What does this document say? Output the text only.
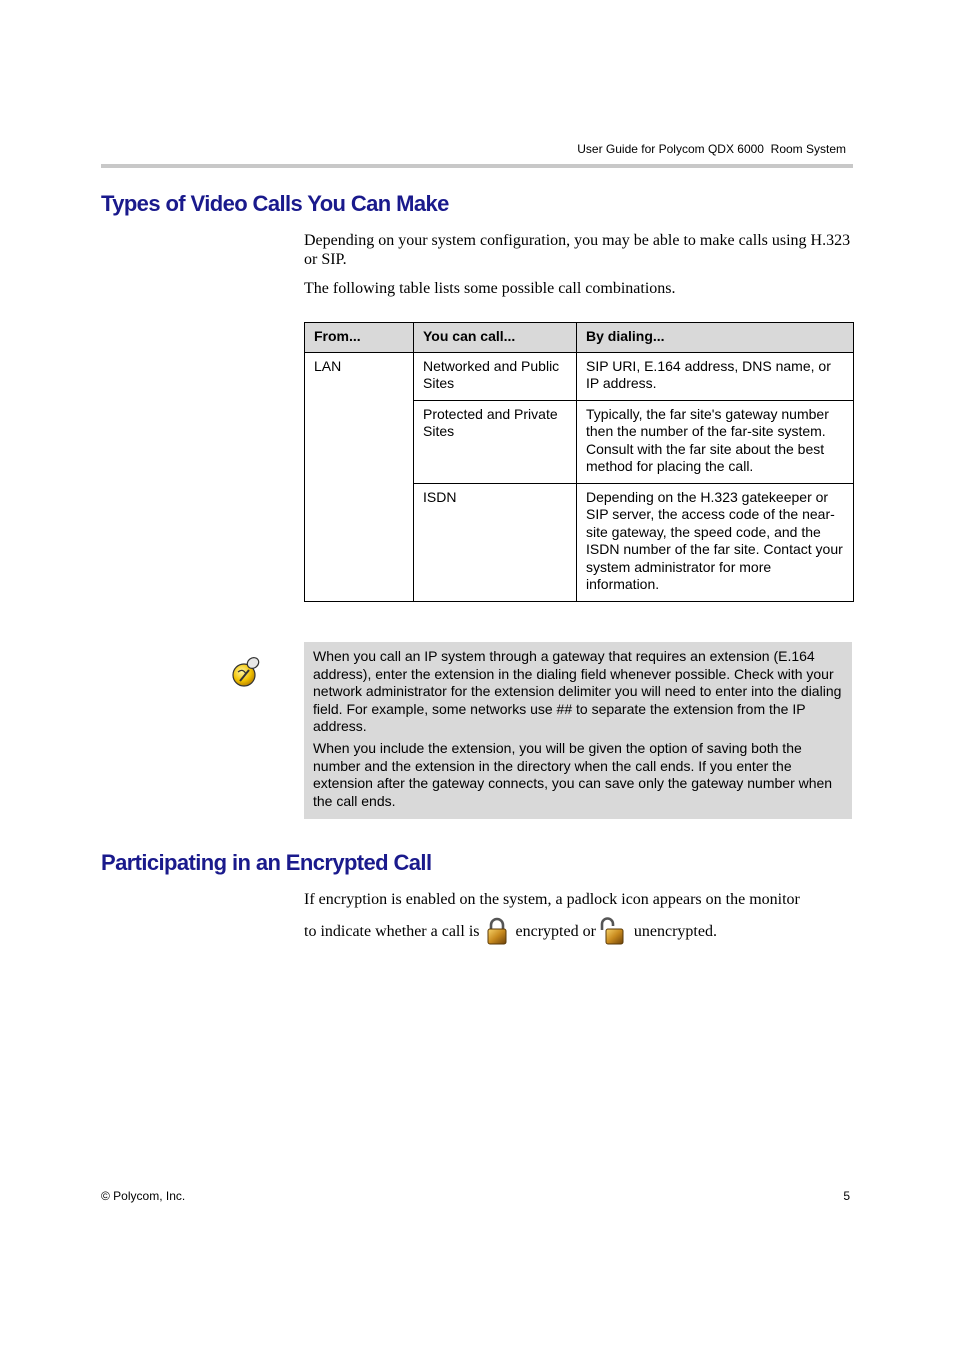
User Guide for Polycom QDX 6000  Room System
Types of Video Calls You Can Make
Depending on your system configuration, you may be able to make calls using H.323 or SIP.
The following table lists some possible call combinations.
From...	You can call...	By dialing...
LAN	Networked and Public Sites	SIP URI, E.164 address, DNS name, or IP address.
	Protected and Private Sites	Typically, the far site's gateway number then the number of the far-site system. Consult with the far site about the best method for placing the call.
	ISDN	Depending on the H.323 gatekeeper or SIP server, the access code of the near-site gateway, the speed code, and the ISDN number of the far site. Contact your system administrator for more information.

When you call an IP system through a gateway that requires an extension (E.164 address), enter the extension in the dialing field whenever possible. Check with your network administrator for the extension delimiter you will need to enter into the dialing field. For example, some networks use ## to separate the extension from the IP address.

When you include the extension, you will be given the option of saving both the number and the extension in the directory when the call ends. If you enter the extension after the gateway connects, you can save only the gateway number when the call ends.

Participating in an Encrypted Call
If encryption is enabled on the system, a padlock icon appears on the monitor
to indicate whether a call is encrypted or unencrypted.
© Polycom, Inc.	5
